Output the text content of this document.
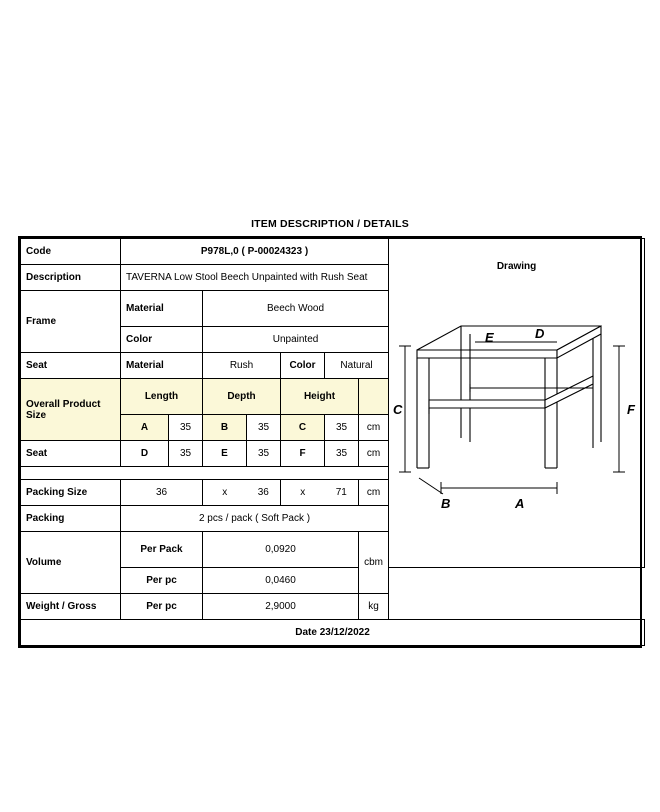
ITEM DESCRIPTION / DETAILS
Code	P978L,0 ( P-00024323 )	
Drawing
C	F
A
B
D
E

Description	TAVERNA Low Stool Beech Unpainted with Rush Seat							
Frame	Material		Beech Wood					
	Color		Unpainted					
Seat	Material		Rush		Color	Natural		
Overall Product Size	Length		Depth		Height			
	A	35	B	35	C	35	cm	
Seat	D	35	E	35	F	35	cm	

Packing Size	36		x	36	x	71	cm	
Packing	2 pcs / pack ( Soft Pack )							
Volume	Per Pack		0,0920				cbm	
	Per pc		0,0460					
Weight / Gross	Per pc		2,9000				kg	
Date 23/12/2022								
